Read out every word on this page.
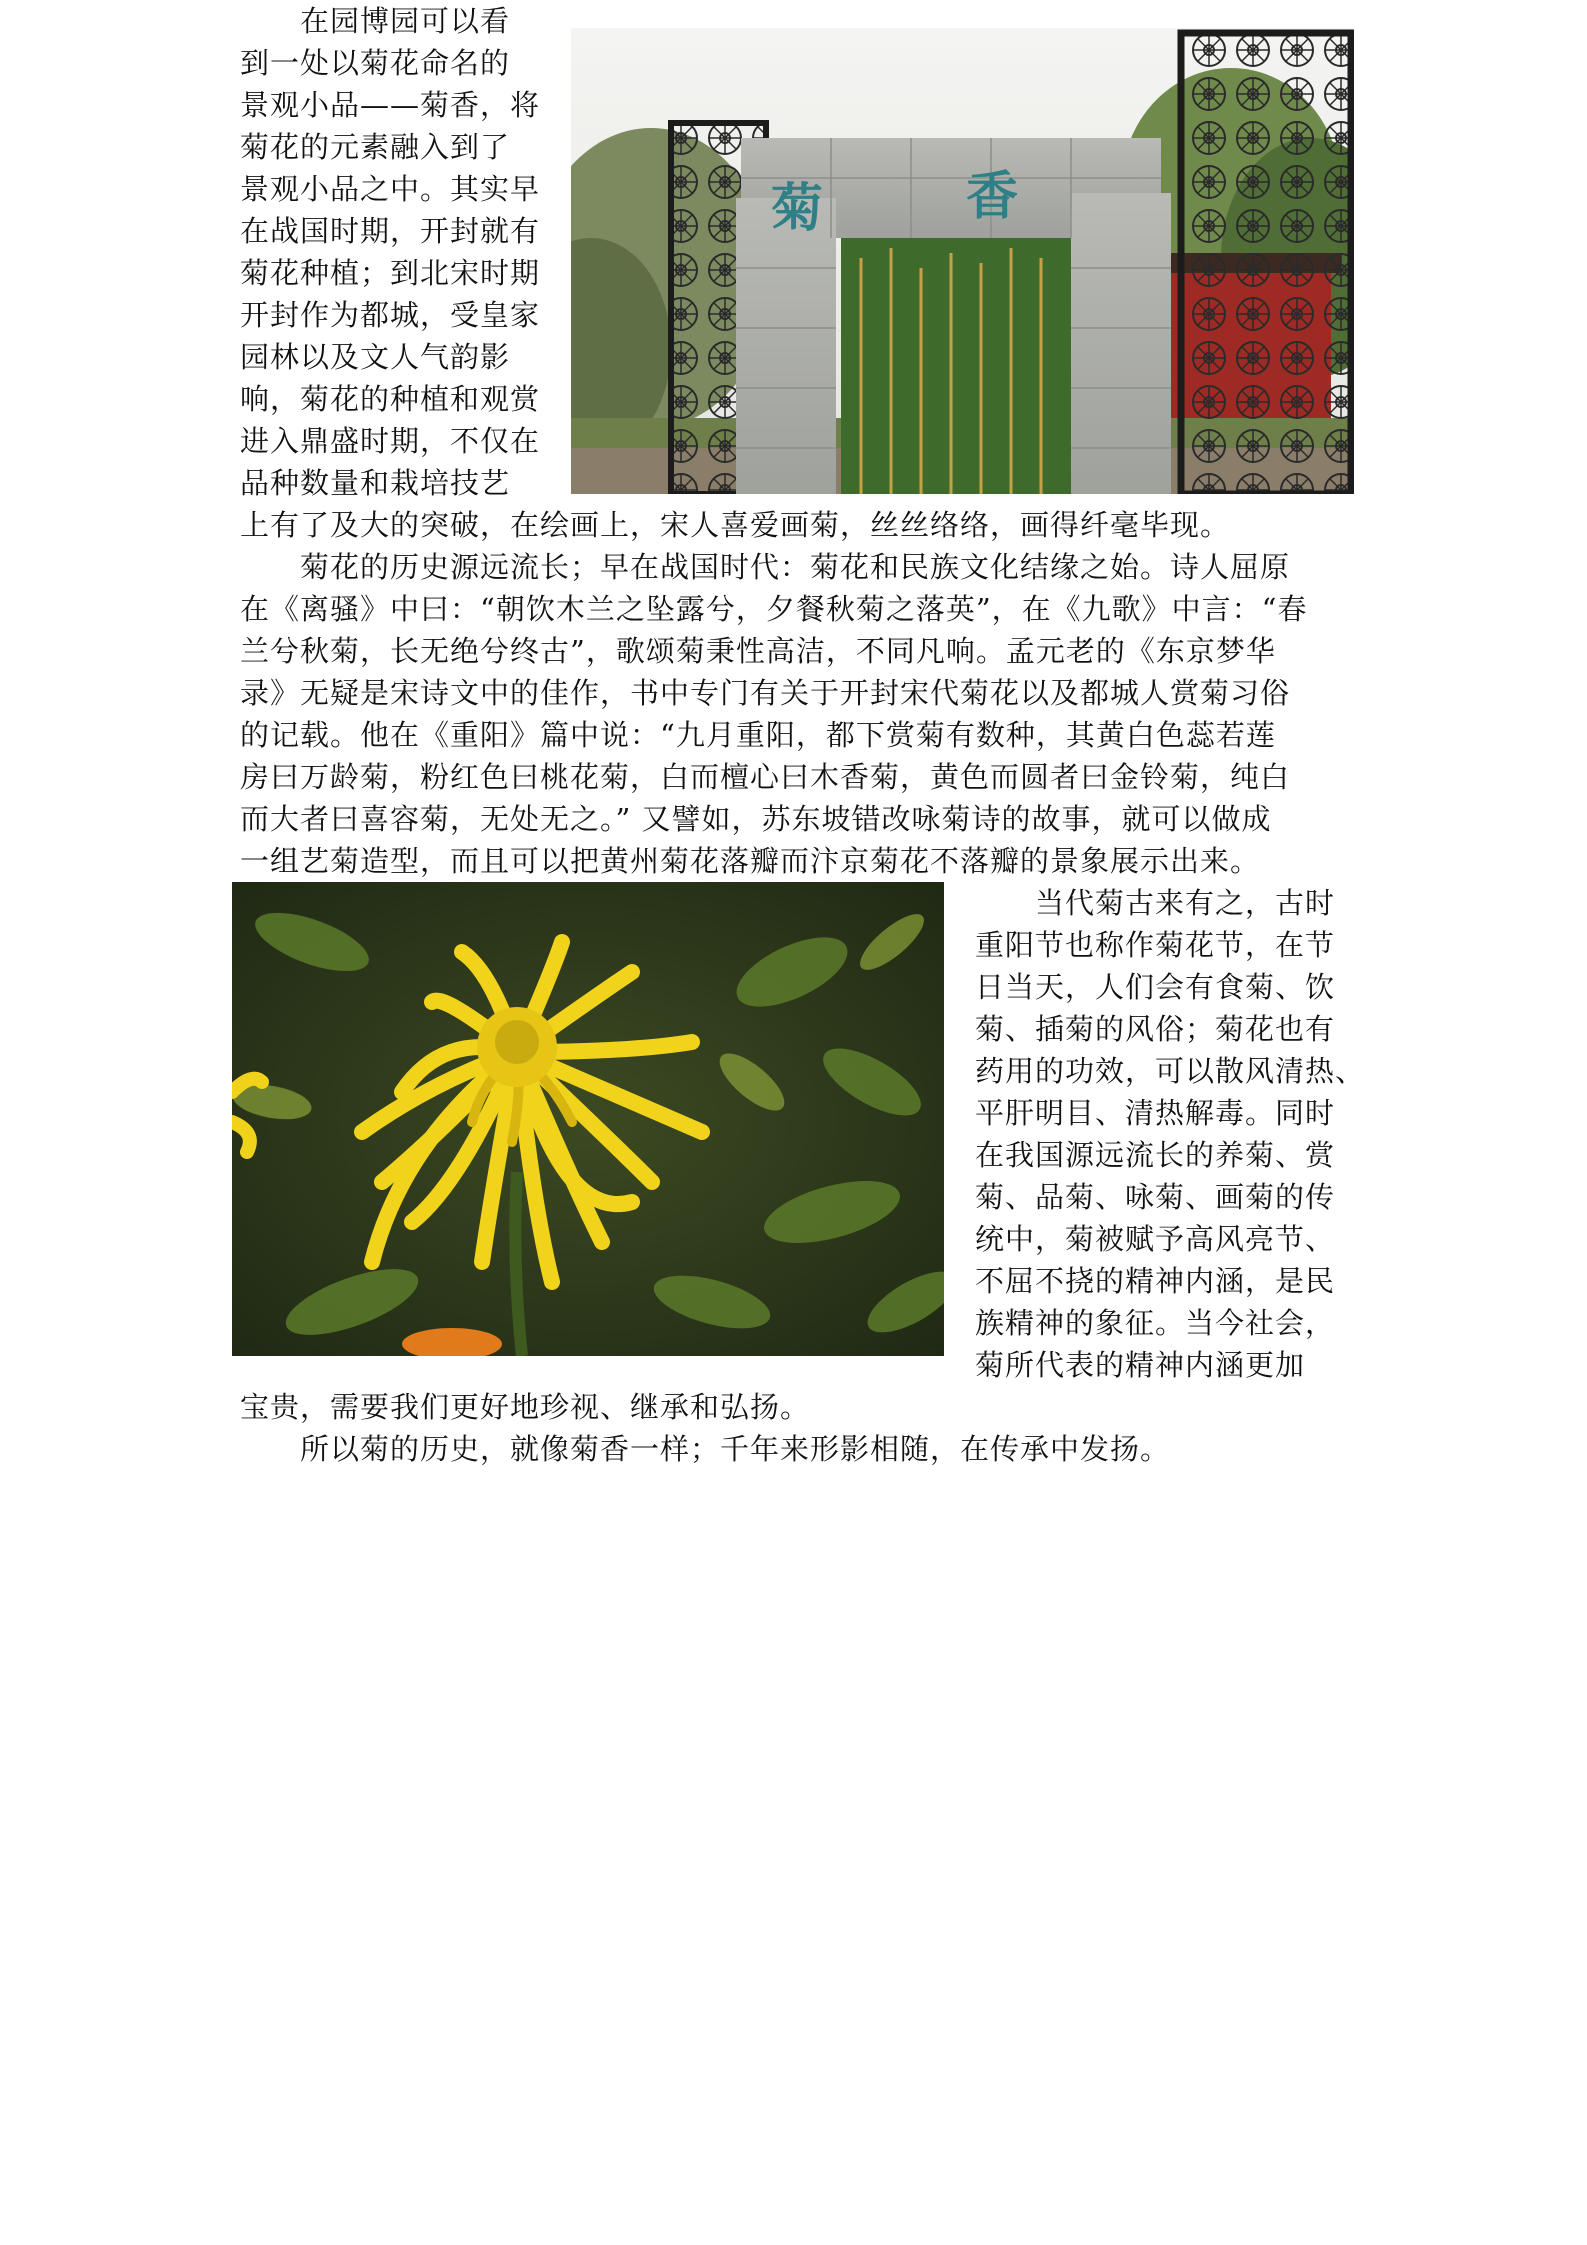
菊	香
　　在园博园可以看
到一处以菊花命名的
景观小品——菊香，将
菊花的元素融入到了
景观小品之中。其实早
在战国时期，开封就有
菊花种植；到北宋时期
开封作为都城，受皇家
园林以及文人气韵影
响，菊花的种植和观赏
进入鼎盛时期，不仅在
品种数量和栽培技艺
上有了及大的突破，在绘画上，宋人喜爱画菊，丝丝络络，画得纤毫毕现。
　　菊花的历史源远流长；早在战国时代：菊花和民族文化结缘之始。诗人屈原
在《离骚》中曰：“朝饮木兰之坠露兮，夕餐秋菊之落英”，在《九歌》中言：“春
兰兮秋菊，长无绝兮终古”，歌颂菊秉性高洁，不同凡响。孟元老的《东京梦华
录》无疑是宋诗文中的佳作，书中专门有关于开封宋代菊花以及都城人赏菊习俗
的记载。他在《重阳》篇中说：“九月重阳，都下赏菊有数种，其黄白色蕊若莲
房曰万龄菊，粉红色曰桃花菊，白而檀心曰木香菊，黄色而圆者曰金铃菊，纯白
而大者曰喜容菊，无处无之。” 又譬如，苏东坡错改咏菊诗的故事，就可以做成
一组艺菊造型，而且可以把黄州菊花落瓣而汴京菊花不落瓣的景象展示出来。
　　当代菊古来有之，古时
重阳节也称作菊花节，在节
日当天，人们会有食菊、饮
菊、插菊的风俗；菊花也有
药用的功效，可以散风清热、
平肝明目、清热解毒。同时
在我国源远流长的养菊、赏
菊、品菊、咏菊、画菊的传
统中，菊被赋予高风亮节、
不屈不挠的精神内涵，是民
族精神的象征。当今社会，
菊所代表的精神内涵更加
宝贵，需要我们更好地珍视、继承和弘扬。
　　所以菊的历史，就像菊香一样；千年来形影相随，在传承中发扬。
